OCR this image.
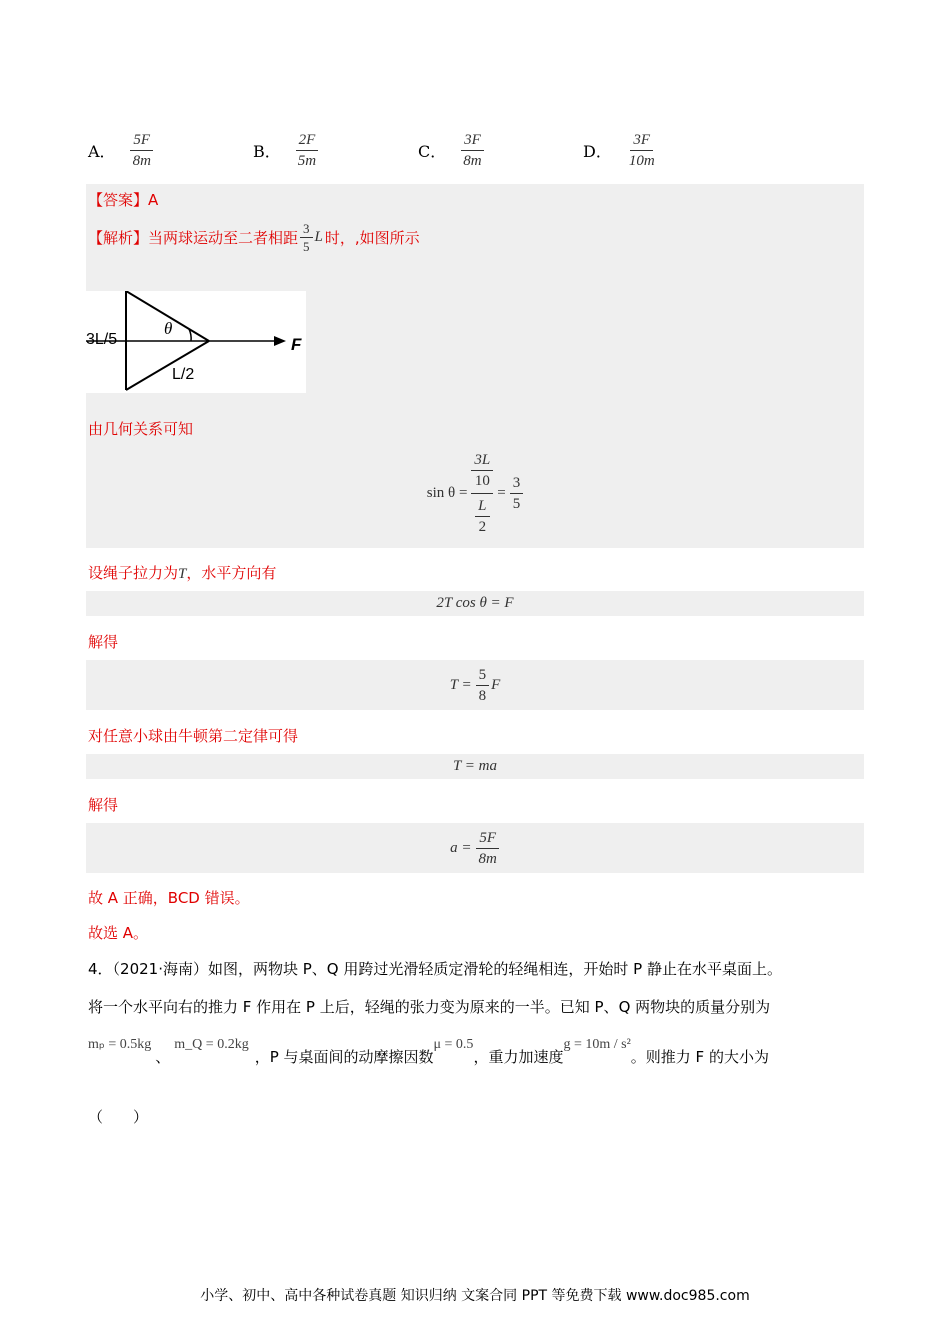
A． $\frac{5F}{8m}$	B． $\frac{2F}{5m}$	C． $\frac{3F}{8m}$	D． $\frac{3F}{10m}$
【答案】A
【解析】当两球运动至二者相距 $\frac{3}{5}$ L 时，,如图所示
3L/5
θ
L/2
F
由几何关系可知
$\sin \theta = \frac{\frac{3L}{10}}{\frac{L}{2}} = \frac{3}{5}$
设绳子拉力为T，水平方向有
2T cos θ = F
解得
$T = \frac{5}{8}$ F
对任意小球由牛顿第二定律可得
T = ma
解得
$a = \frac{5F}{8m}$
故 A 正确，BCD 错误。
故选 A。
4．（2021·海南）如图，两物块 P、Q 用跨过光滑轻质定滑轮的轻绳相连，开始时 P 静止在水平桌面上。
将一个水平向右的推力 F 作用在 P 上后，轻绳的张力变为原来的一半。已知 P、Q 两物块的质量分别为
mₚ = 0.5kg
、
m_Q = 0.2kg
，P 与桌面间的动摩擦因数
μ = 0.5
，重力加速度
g = 10m / s²
。则推力 F 的大小为
（　　）
小学、初中、高中各种试卷真题 知识归纳 文案合同 PPT 等免费下载 www.doc985.com
